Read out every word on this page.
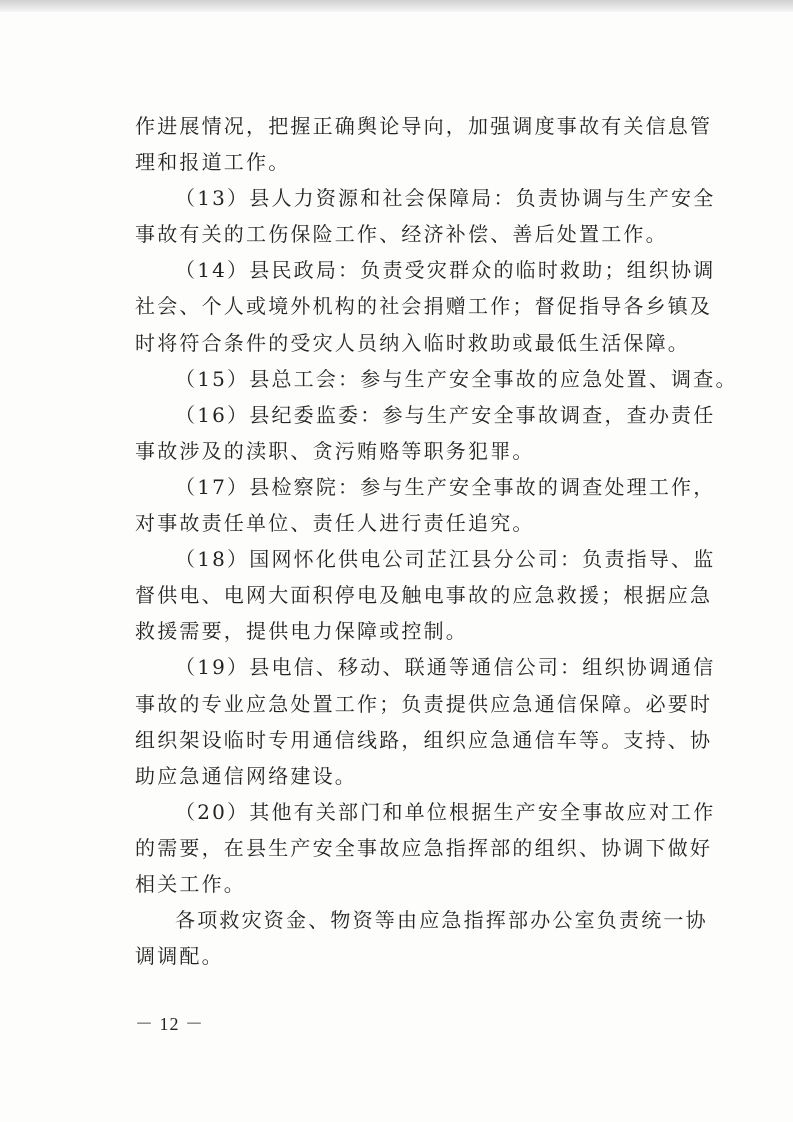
作进展情况，把握正确舆论导向，加强调度事故有关信息管
理和报道工作。
（13）县人力资源和社会保障局：负责协调与生产安全
事故有关的工伤保险工作、经济补偿、善后处置工作。
（14）县民政局：负责受灾群众的临时救助；组织协调
社会、个人或境外机构的社会捐赠工作；督促指导各乡镇及
时将符合条件的受灾人员纳入临时救助或最低生活保障。
（15）县总工会：参与生产安全事故的应急处置、调查。
（16）县纪委监委：参与生产安全事故调查，查办责任
事故涉及的渎职、贪污贿赂等职务犯罪。
（17）县检察院：参与生产安全事故的调查处理工作，
对事故责任单位、责任人进行责任追究。
（18）国网怀化供电公司芷江县分公司：负责指导、监
督供电、电网大面积停电及触电事故的应急救援；根据应急
救援需要，提供电力保障或控制。
（19）县电信、移动、联通等通信公司：组织协调通信
事故的专业应急处置工作；负责提供应急通信保障。必要时
组织架设临时专用通信线路，组织应急通信车等。支持、协
助应急通信网络建设。
（20）其他有关部门和单位根据生产安全事故应对工作
的需要，在县生产安全事故应急指挥部的组织、协调下做好
相关工作。
各项救灾资金、物资等由应急指挥部办公室负责统一协
调调配。
－ 12 －
